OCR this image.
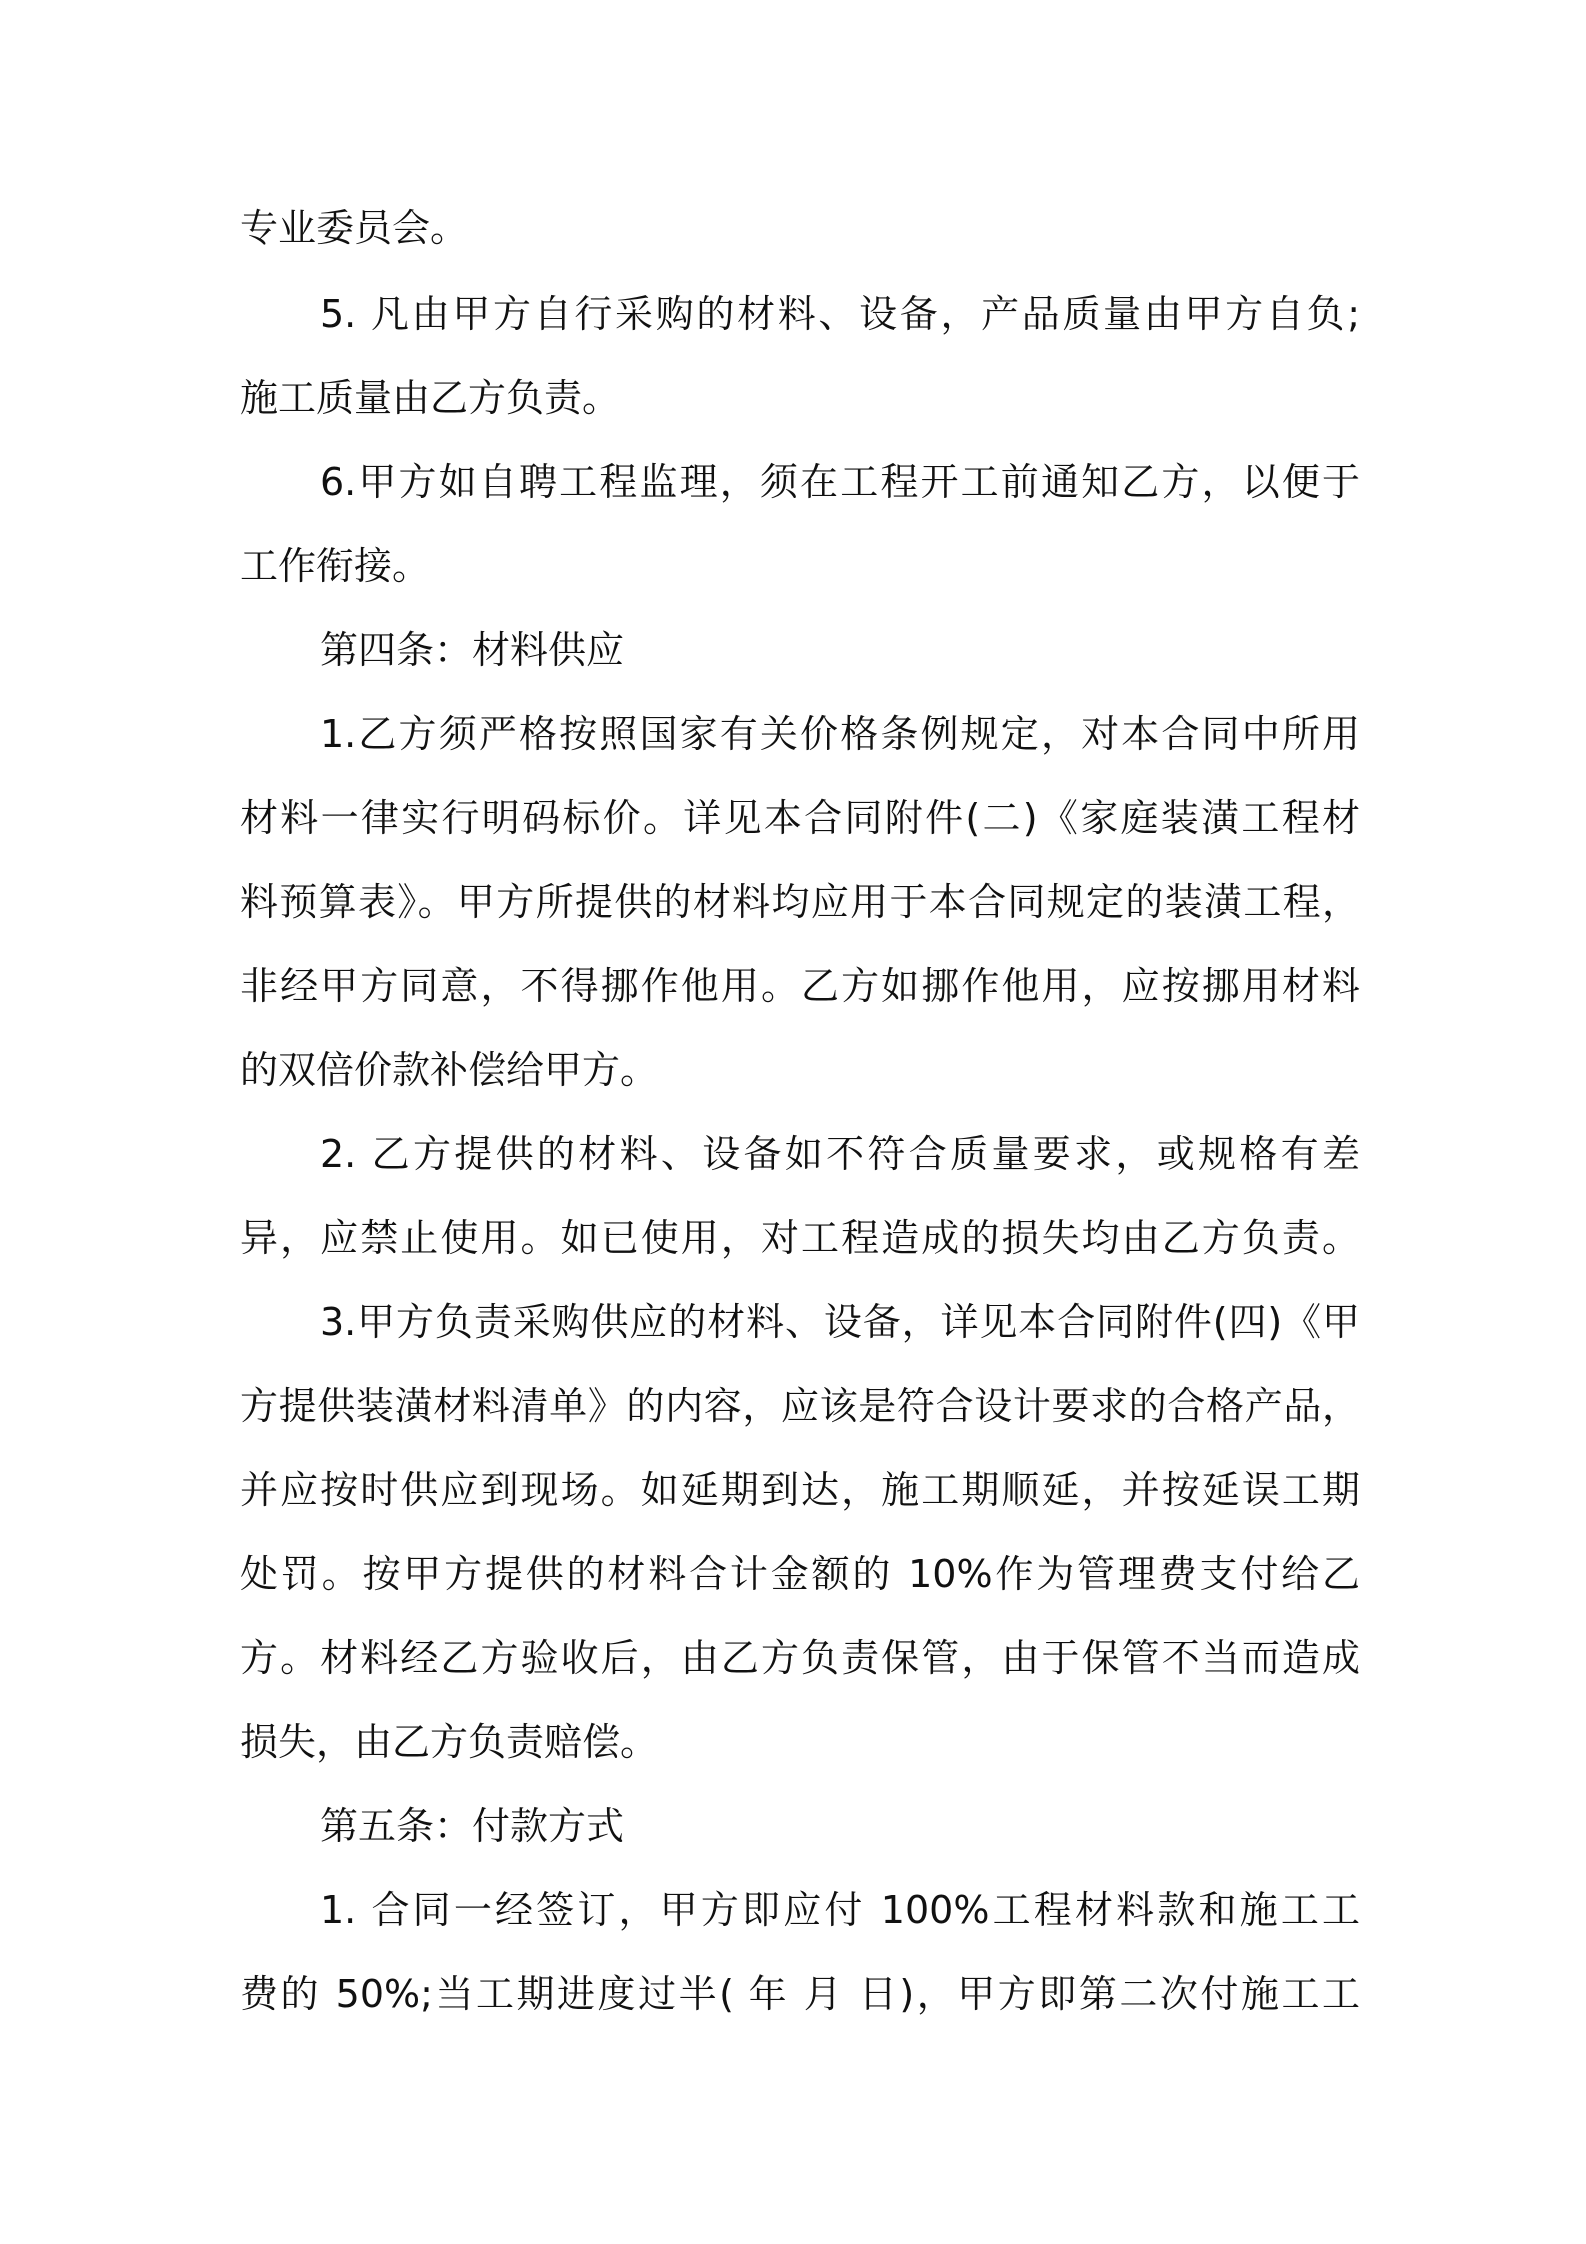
专业委员会。
5. 凡由甲方自行采购的材料、设备，产品质量由甲方自负;
施工质量由乙方负责。
6.甲方如自聘工程监理，须在工程开工前通知乙方，以便于
工作衔接。
第四条：材料供应
1.乙方须严格按照国家有关价格条例规定，对本合同中所用
材料一律实行明码标价。详见本合同附件(二)《家庭装潢工程材
料预算表》。甲方所提供的材料均应用于本合同规定的装潢工程，
非经甲方同意，不得挪作他用。乙方如挪作他用，应按挪用材料
的双倍价款补偿给甲方。
2. 乙方提供的材料、设备如不符合质量要求，或规格有差
异，应禁止使用。如已使用，对工程造成的损失均由乙方负责。
3.甲方负责采购供应的材料、设备，详见本合同附件(四)《甲
方提供装潢材料清单》的内容，应该是符合设计要求的合格产品，
并应按时供应到现场。如延期到达，施工期顺延，并按延误工期
处罚。按甲方提供的材料合计金额的 10%作为管理费支付给乙
方。材料经乙方验收后，由乙方负责保管，由于保管不当而造成
损失，由乙方负责赔偿。
第五条：付款方式
1. 合同一经签订，甲方即应付 100%工程材料款和施工工
费的 50%;当工期进度过半( 年 月 日)，甲方即第二次付施工工
